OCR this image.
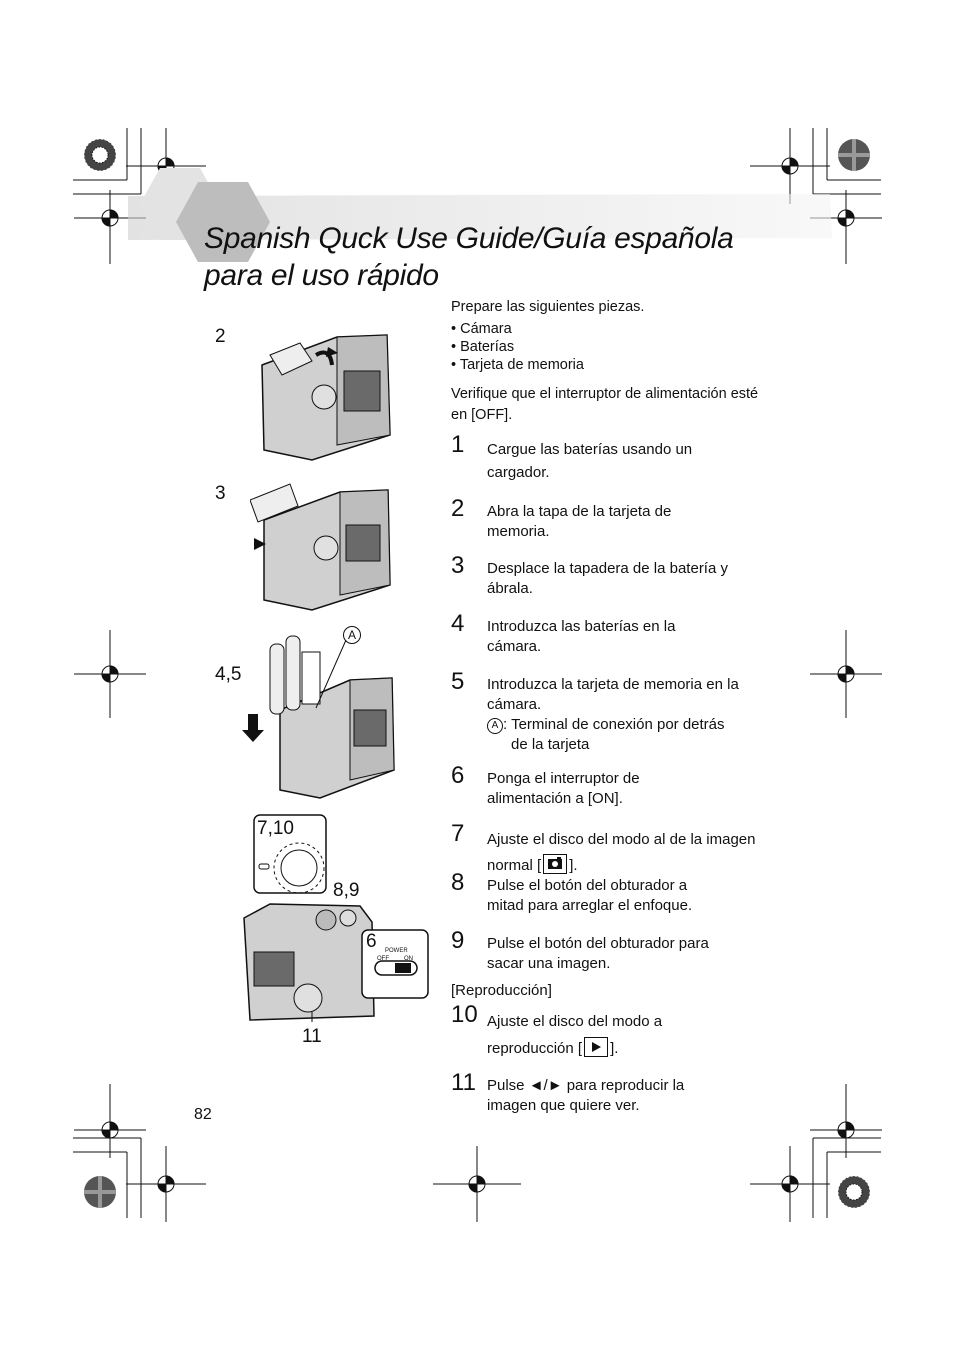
Spanish Quck Use Guide/Guía española
para el uso rápido

Prepare las siguientes piezas.

• Cámara

• Baterías

• Tarjeta de memoria

Verifique que el interruptor de alimentación esté en [OFF].

1 Cargue las baterías usando un cargador.
2 Abra la tapa de la tarjeta de memoria.
3 Desplace la tapadera de la batería y ábrala.
4 Introduzca las baterías en la cámara.
5 Introduzca la tarjeta de memoria en la cámara.
A : Terminal de conexión por detrás
de la tarjeta
6 Ponga el interruptor de alimentación a [ON].
7 Ajuste el disco del modo al de la imagen normal [ ].
8 Pulse el botón del obturador a mitad para arreglar el enfoque.
9 Pulse el botón del obturador para sacar una imagen.
[Reproducción]
10 Ajuste el disco del modo a reproducción [ ].
11 Pulse ◄/► para reproducir la imagen que quiere ver.
2
3
4,5
A
7,10
8,9
6 POWER
OFF	ON
11
82
